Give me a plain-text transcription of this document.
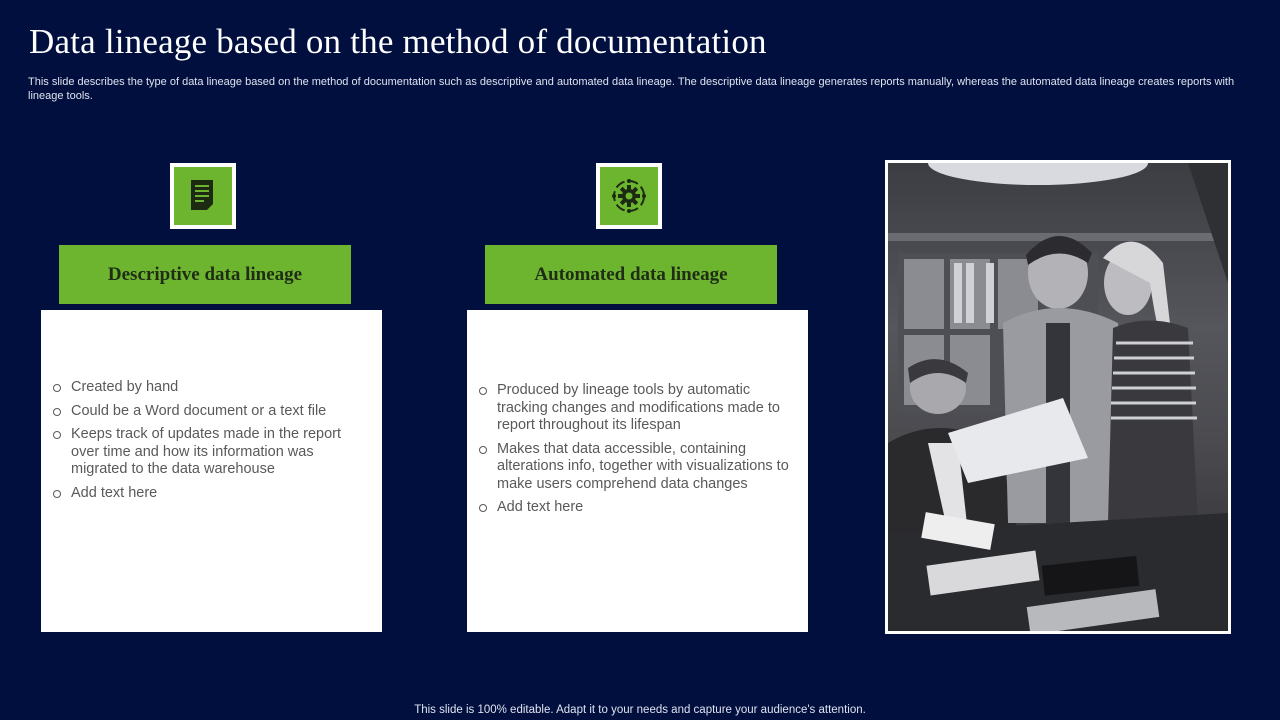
Data lineage based on the method of documentation
This slide describes the type of data lineage based on the method of documentation such as descriptive and automated data lineage. The descriptive data lineage generates reports manually, whereas the automated data lineage creates reports with lineage tools.
Descriptive data lineage
Created by hand
Could be a Word document or a text file
Keeps track of updates made in the report over time and how its information was migrated to the data warehouse
Add text here
Automated data lineage
Produced by lineage tools by automatic tracking changes and modifications made to report throughout its lifespan
Makes that data accessible, containing alterations info, together with visualizations to make users comprehend data changes
Add text here
This slide is 100% editable. Adapt it to your needs and capture your audience's attention.
